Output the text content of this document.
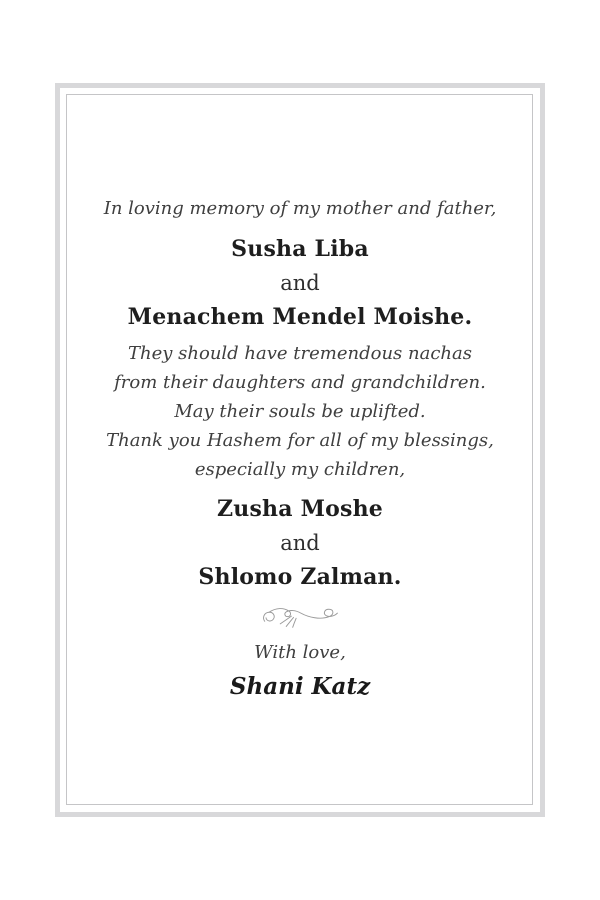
In loving memory of my mother and father,

Susha Liba

and

Menachem Mendel Moishe.

They should have tremendous nachas

from their daughters and grandchildren.

May their souls be uplifted.

Thank you Hashem for all of my blessings,

especially my children,

Zusha Moshe

and

Shlomo Zalman.

With love,

Shani Katz
